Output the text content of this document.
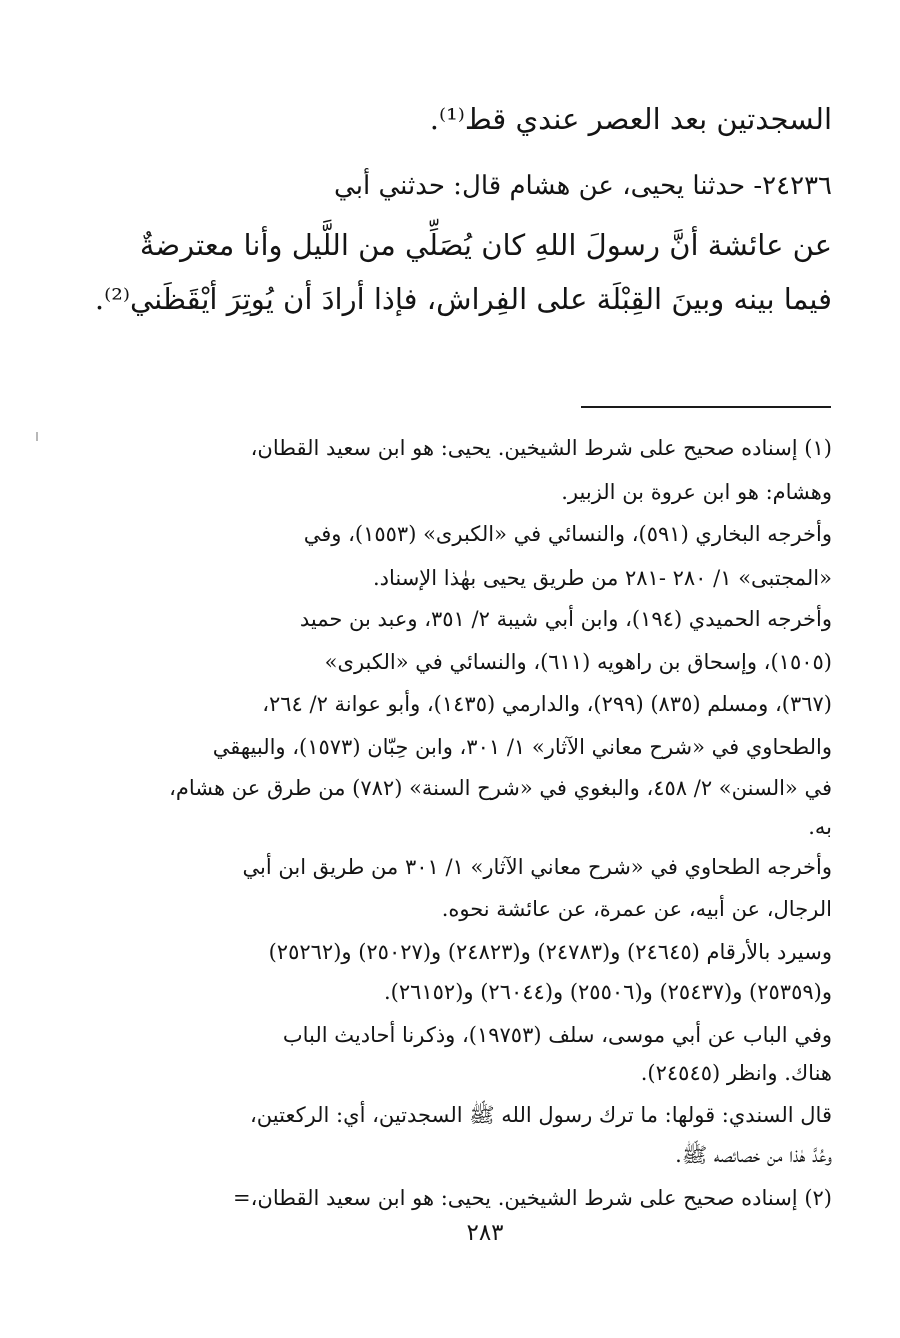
السجدتين بعد العصر عندي قط⁽¹⁾.
٢٤٢٣٦- حدثنا يحيى، عن هشام قال: حدثني أبي
عن عائشة أنَّ رسولَ اللهِ كان يُصَلِّي من اللَّيل وأنا معترضةٌ
فيما بينه وبينَ القِبْلَة على الفِراش، فإذا أرادَ أن يُوتِرَ أيْقَظَني⁽²⁾.
(١) إسناده صحيح على شرط الشيخين. يحيى: هو ابن سعيد القطان،
وهشام: هو ابن عروة بن الزبير.
وأخرجه البخاري (٥٩١)، والنسائي في «الكبرى» (١٥٥٣)، وفي
«المجتبى» ١/ ٢٨٠ -٢٨١ من طريق يحيى بهٰذا الإسناد.
وأخرجه الحميدي (١٩٤)، وابن أبي شيبة ٢/ ٣٥١، وعبد بن حميد
(١٥٠٥)، وإسحاق بن راهويه (٦١١)، والنسائي في «الكبرى»
(٣٦٧)، ومسلم (٨٣٥) (٢٩٩)، والدارمي (١٤٣٥)، وأبو عوانة ٢/ ٢٦٤،
والطحاوي في «شرح معاني الآثار» ١/ ٣٠١، وابن حِبّان (١٥٧٣)، والبيهقي
في «السنن» ٢/ ٤٥٨، والبغوي في «شرح السنة» (٧٨٢) من طرق عن هشام،
به.
وأخرجه الطحاوي في «شرح معاني الآثار» ١/ ٣٠١ من طريق ابن أبي
الرجال، عن أبيه، عن عمرة، عن عائشة نحوه.
وسيرد بالأرقام (٢٤٦٤٥) و(٢٤٧٨٣) و(٢٤٨٢٣) و(٢٥٠٢٧) و(٢٥٢٦٢)
و(٢٥٣٥٩) و(٢٥٤٣٧) و(٢٥٥٠٦) و(٢٦٠٤٤) و(٢٦١٥٢).
وفي الباب عن أبي موسى، سلف (١٩٧٥٣)، وذكرنا أحاديث الباب
هناك. وانظر (٢٤٥٤٥).
قال السندي: قولها: ما ترك رسول الله ﷺ السجدتين، أي: الركعتين،
وعُدَّ هٰذا من خصائصه ﷺ.
(٢) إسناده صحيح على شرط الشيخين. يحيى: هو ابن سعيد القطان،=
٢٨٣
